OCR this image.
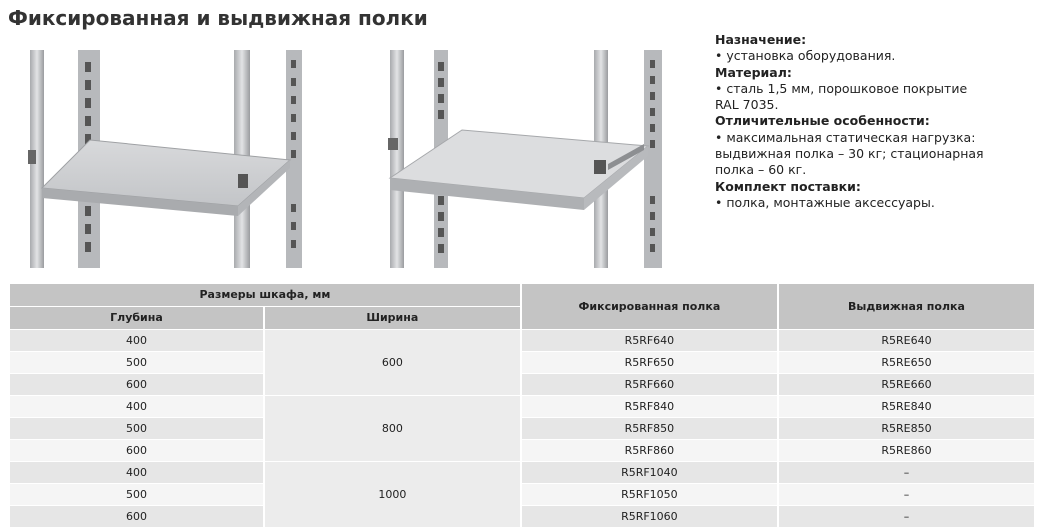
Фиксированная и выдвижная полки
Назначение:
• установка оборудования.
Материал:
• сталь 1,5 мм, порошковое покрытие
RAL 7035.
Отличительные особенности:
• максимальная статическая нагрузка:
выдвижная полка – 30 кг; стационарная
полка – 60 кг.
Комплект поставки:
• полка, монтажные аксессуары.
Размеры шкафа, мм		Фиксированная полка	Выдвижная полка
Глубина	Ширина		
400	600	R5RF640	R5RE640
500		R5RF650	R5RE650
600		R5RF660	R5RE660
400	800	R5RF840	R5RE840
500		R5RF850	R5RE850
600		R5RF860	R5RE860
400	1000	R5RF1040	–
500		R5RF1050	–
600		R5RF1060	–
